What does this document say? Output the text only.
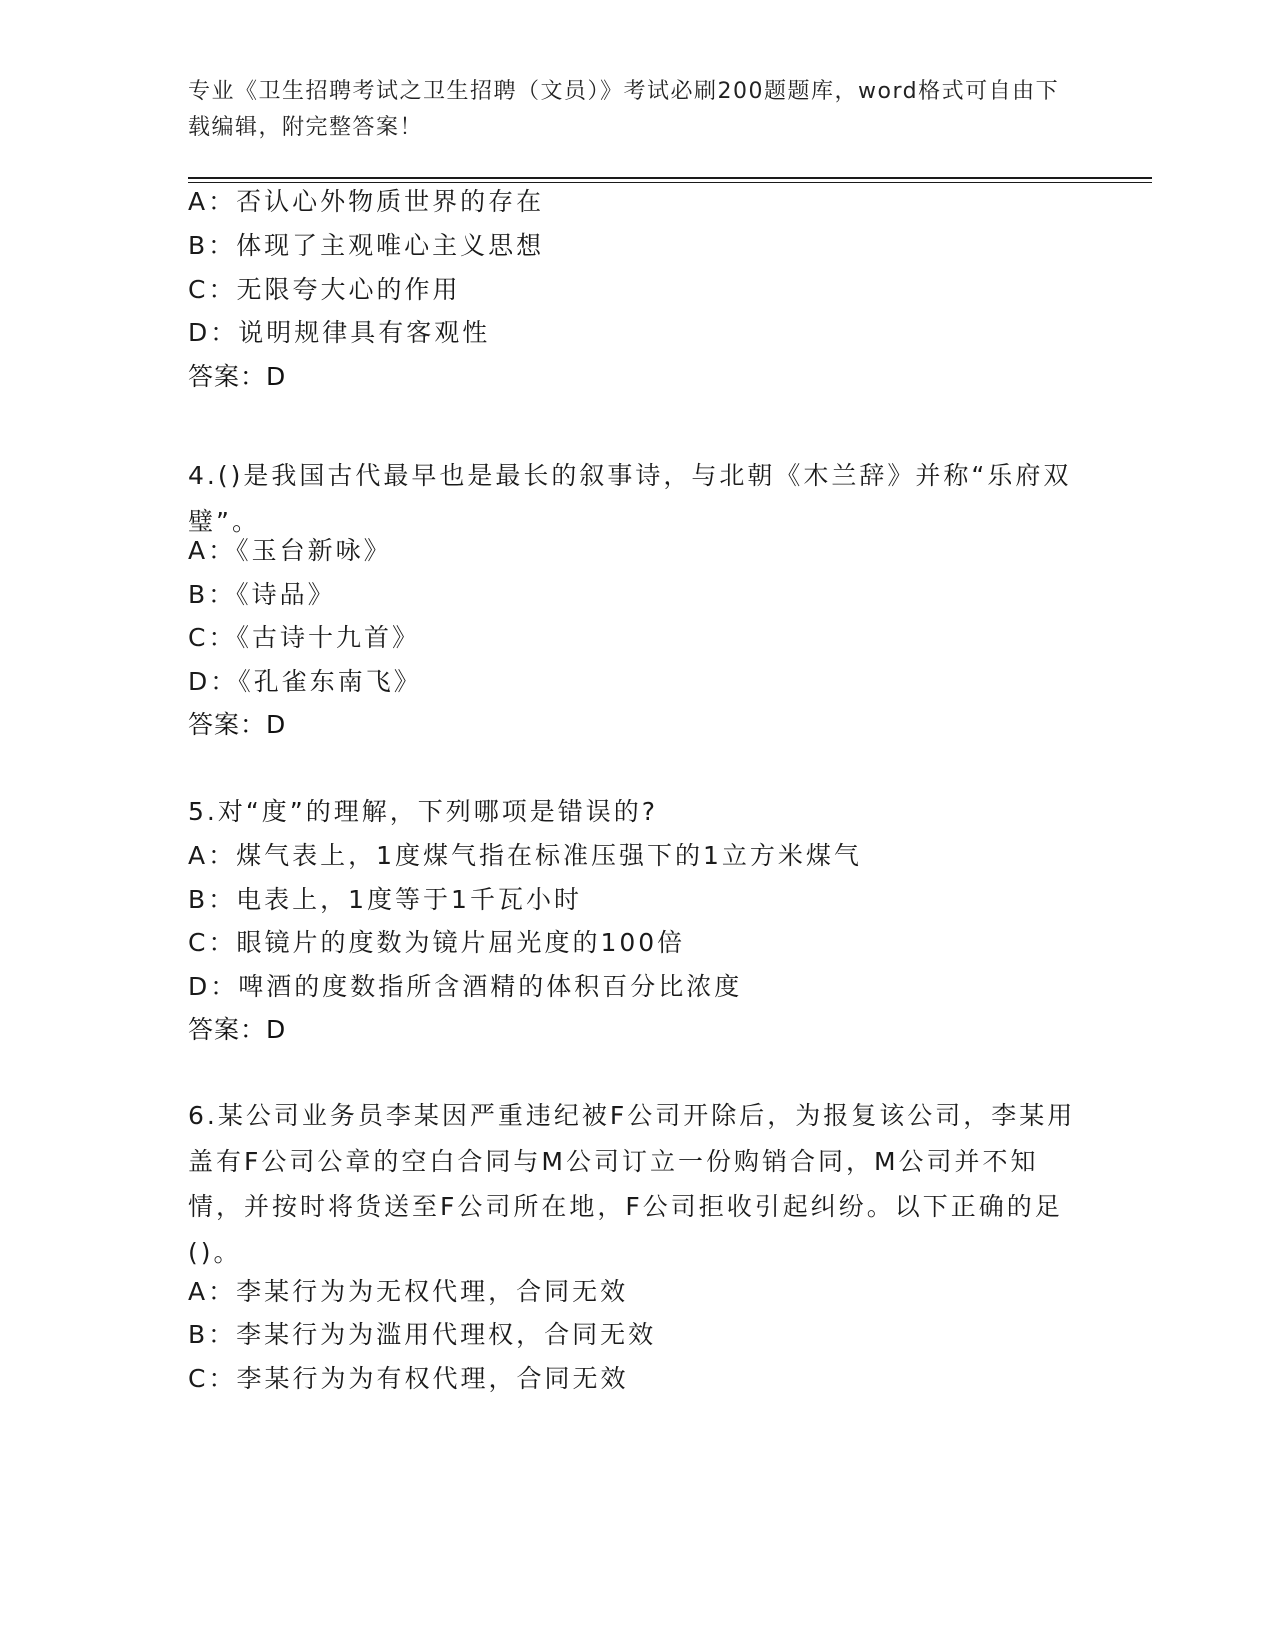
专业《卫生招聘考试之卫生招聘（文员）》考试必刷200题题库，word格式可自由下载编辑，附完整答案！
A：否认心外物质世界的存在
B：体现了主观唯心主义思想
C：无限夸大心的作用
D：说明规律具有客观性
答案：D
4.()是我国古代最早也是最长的叙事诗，与北朝《木兰辞》并称“乐府双璧”。
A：《玉台新咏》
B：《诗品》
C：《古诗十九首》
D：《孔雀东南飞》
答案：D
5.对“度”的理解，下列哪项是错误的?
A：煤气表上，1度煤气指在标准压强下的1立方米煤气
B：电表上，1度等于1千瓦小时
C：眼镜片的度数为镜片屈光度的100倍
D：啤酒的度数指所含酒精的体积百分比浓度
答案：D
6.某公司业务员李某因严重违纪被F公司开除后，为报复该公司，李某用盖有F公司公章的空白合同与M公司订立一份购销合同，M公司并不知情，并按时将货送至F公司所在地，F公司拒收引起纠纷。以下正确的足()。
A：李某行为为无权代理，合同无效
B：李某行为为滥用代理权，合同无效
C：李某行为为有权代理，合同无效
